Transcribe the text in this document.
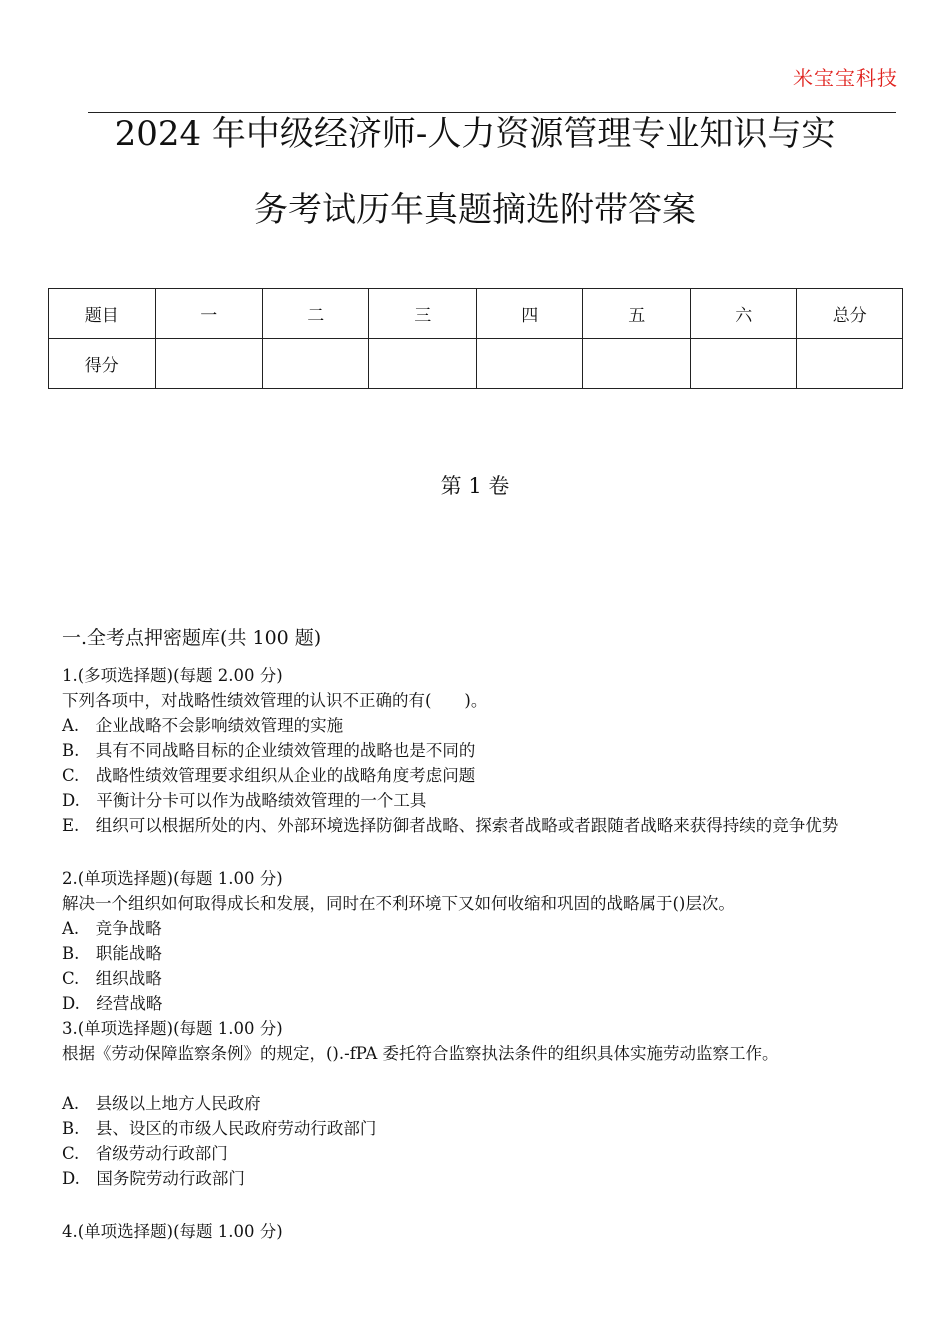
米宝宝科技
2024 年中级经济师-人力资源管理专业知识与实
务考试历年真题摘选附带答案
题目	一	二	三	四	五	六	总分
得分							
第 1 卷
一.全考点押密题库(共 100 题)
1.(多项选择题)(每题 2.00 分)
下列各项中，对战略性绩效管理的认识不正确的有(　　)。
A.　企业战略不会影响绩效管理的实施
B.　具有不同战略目标的企业绩效管理的战略也是不同的
C.　战略性绩效管理要求组织从企业的战略角度考虑问题
D.　平衡计分卡可以作为战略绩效管理的一个工具
E.　组织可以根据所处的内、外部环境选择防御者战略、探索者战略或者跟随者战略来获得持续的竞争优势
2.(单项选择题)(每题 1.00 分)
解决一个组织如何取得成长和发展，同时在不利环境下又如何收缩和巩固的战略属于()层次。
A.　竞争战略
B.　职能战略
C.　组织战略
D.　经营战略
3.(单项选择题)(每题 1.00 分)
根据《劳动保障监察条例》的规定，().-fPA 委托符合监察执法条件的组织具体实施劳动监察工作。
A.　县级以上地方人民政府
B.　县、设区的市级人民政府劳动行政部门
C.　省级劳动行政部门
D.　国务院劳动行政部门
4.(单项选择题)(每题 1.00 分)
